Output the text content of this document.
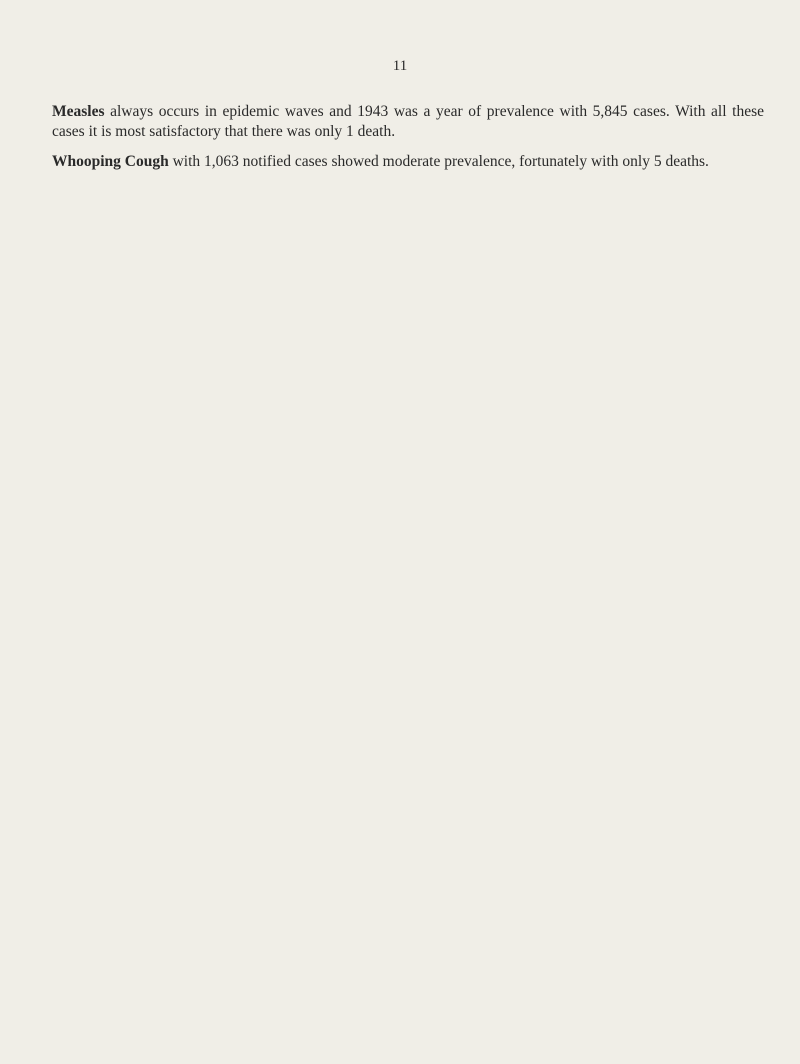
11
Measles always occurs in epidemic waves and 1943 was a year of prevalence with 5,845 cases. With all these cases it is most satisfactory that there was only 1 death.
Whooping Cough with 1,063 notified cases showed moderate prevalence, fortunately with only 5 deaths.
